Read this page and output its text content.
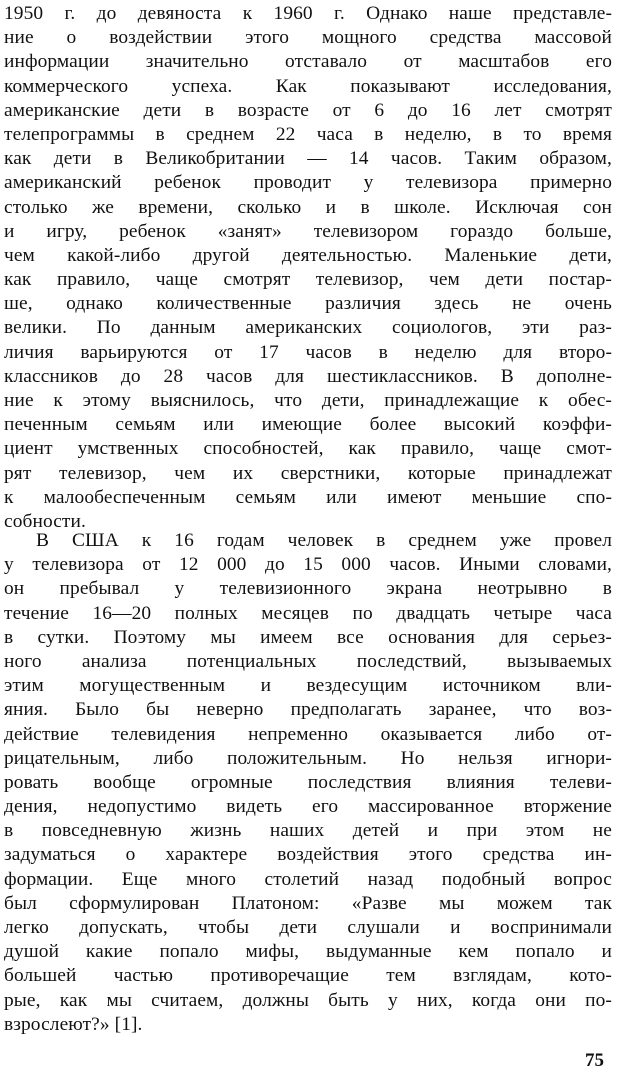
1950 г. до девяноста к 1960 г. Однако наше представле-
ние о воздействии этого мощного средства массовой
информации значительно отставало от масштабов его
коммерческого успеха. Как показывают исследования,
американские дети в возрасте от 6 до 16 лет смотрят
телепрограммы в среднем 22 часа в неделю, в то время
как дети в Великобритании — 14 часов. Таким образом,
американский ребенок проводит у телевизора примерно
столько же времени, сколько и в школе. Исключая сон
и игру, ребенок «занят» телевизором гораздо больше,
чем какой-либо другой деятельностью. Маленькие дети,
как правило, чаще смотрят телевизор, чем дети постар-
ше, однако количественные различия здесь не очень
велики. По данным американских социологов, эти раз-
личия варьируются от 17 часов в неделю для второ-
классников до 28 часов для шестиклассников. В дополне-
ние к этому выяснилось, что дети, принадлежащие к обес-
печенным семьям или имеющие более высокий коэффи-
циент умственных способностей, как правило, чаще смот-
рят телевизор, чем их сверстники, которые принадлежат
к малообеспеченным семьям или имеют меньшие спо-
собности.
В США к 16 годам человек в среднем уже провел
у телевизора от 12 000 до 15 000 часов. Иными словами,
он пребывал у телевизионного экрана неотрывно в
течение 16—20 полных месяцев по двадцать четыре часа
в сутки. Поэтому мы имеем все основания для серьез-
ного анализа потенциальных последствий, вызываемых
этим могущественным и вездесущим источником вли-
яния. Было бы неверно предполагать заранее, что воз-
действие телевидения непременно оказывается либо от-
рицательным, либо положительным. Но нельзя игнори-
ровать вообще огромные последствия влияния телеви-
дения, недопустимо видеть его массированное вторжение
в повседневную жизнь наших детей и при этом не
задуматься о характере воздействия этого средства ин-
формации. Еще много столетий назад подобный вопрос
был сформулирован Платоном: «Разве мы можем так
легко допускать, чтобы дети слушали и воспринимали
душой какие попало мифы, выдуманные кем попало и
большей частью противоречащие тем взглядам, кото-
рые, как мы считаем, должны быть у них, когда они по-
взрослеют?» [1].
75
